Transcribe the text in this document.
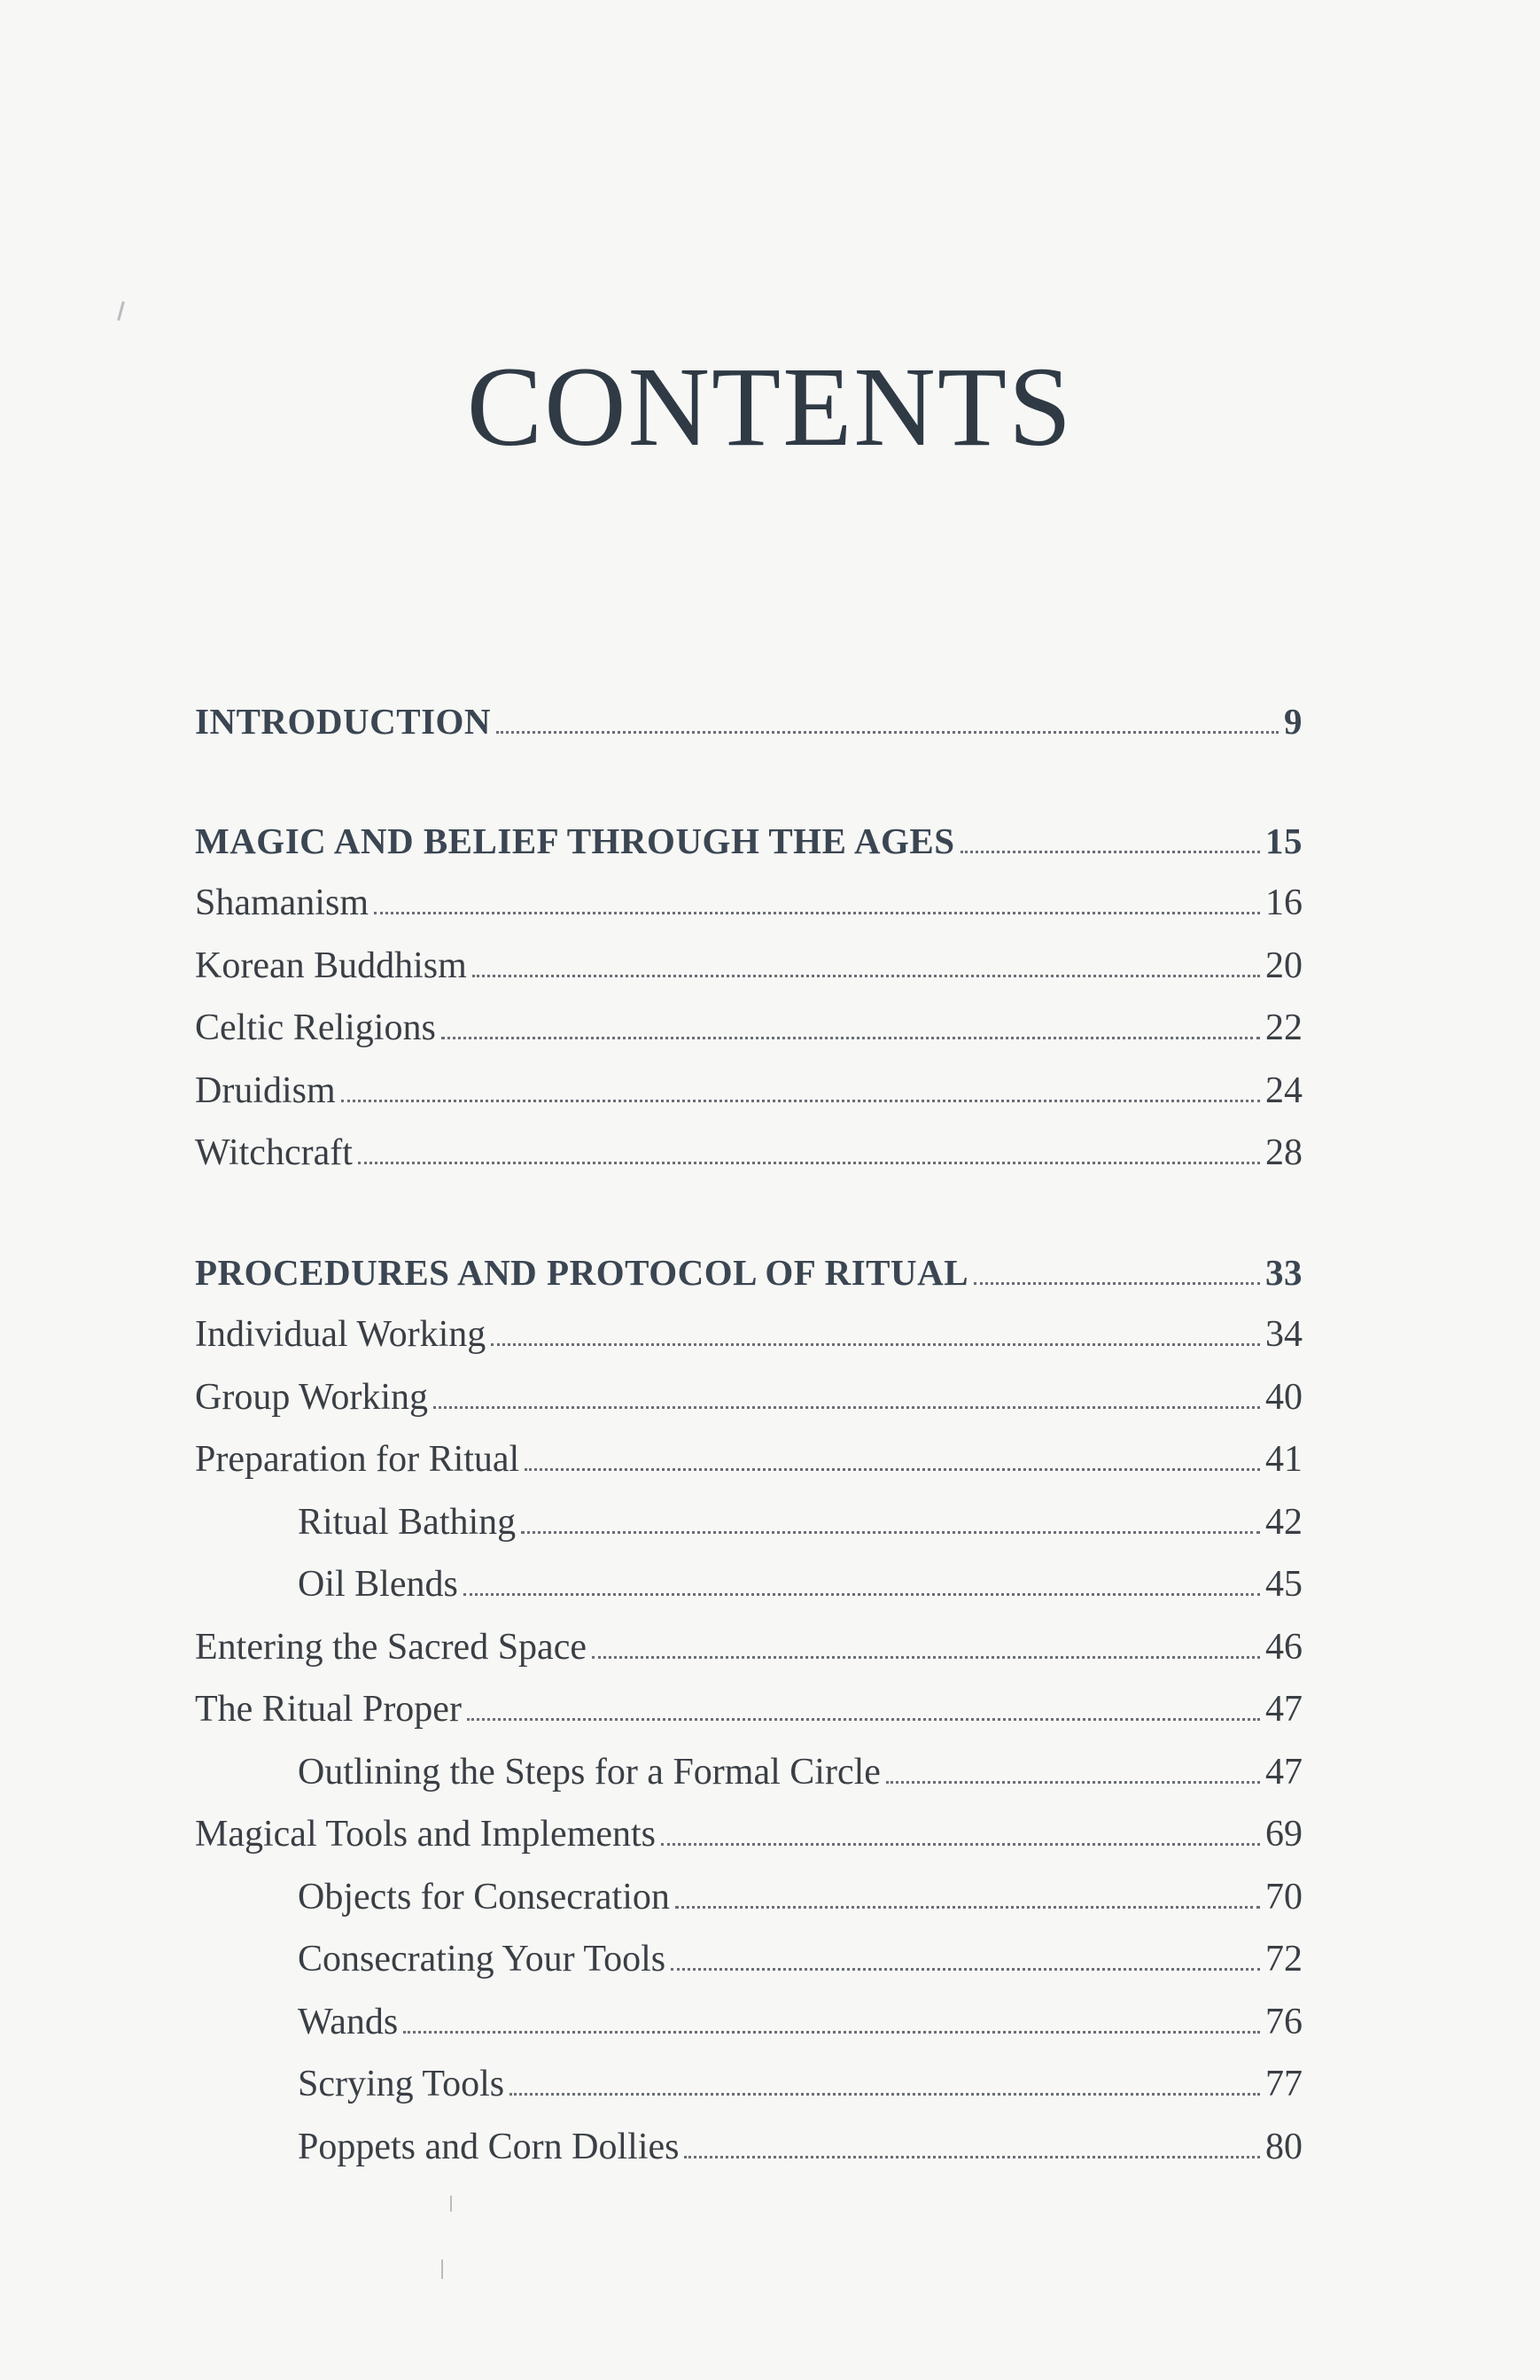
CONTENTS
INTRODUCTION	9
MAGIC AND BELIEF THROUGH THE AGES	15
Shamanism	16
Korean Buddhism	20
Celtic Religions	22
Druidism	24
Witchcraft	28
PROCEDURES AND PROTOCOL OF RITUAL	33
Individual Working	34
Group Working	40
Preparation for Ritual	41
Ritual Bathing	42
Oil Blends	45
Entering the Sacred Space	46
The Ritual Proper	47
Outlining the Steps for a Formal Circle	47
Magical Tools and Implements	69
Objects for Consecration	70
Consecrating Your Tools	72
Wands	76
Scrying Tools	77
Poppets and Corn Dollies	80
